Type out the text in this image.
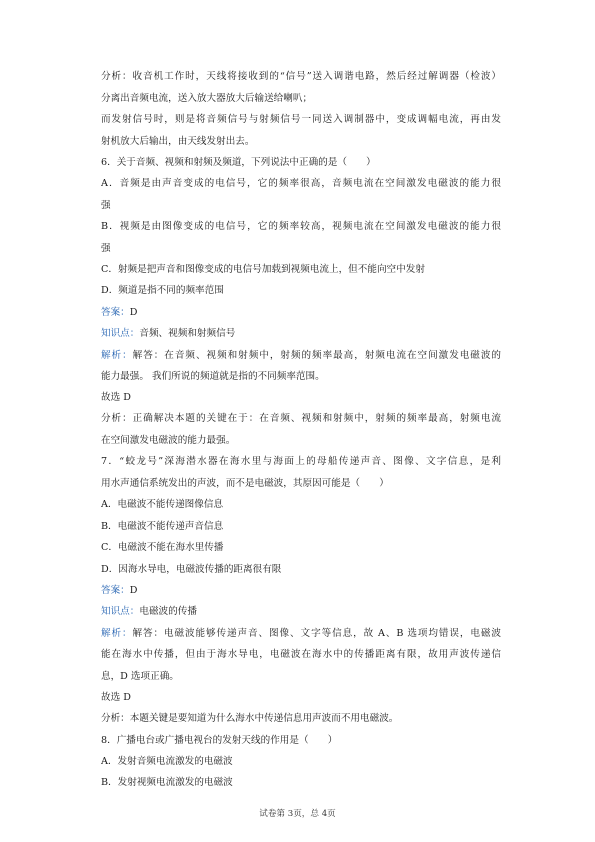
分析：收音机工作时，天线将接收到的“信号”送入调谐电路，然后经过解调器（检波）
分离出音频电流，送入放大器放大后输送给喇叭；
而发射信号时，则是将音频信号与射频信号一同送入调制器中，变成调幅电流，再由发
射机放大后输出，由天线发射出去。
6．关于音频、视频和射频及频道，下列说法中正确的是（　　）
A．音频是由声音变成的电信号，它的频率很高，音频电流在空间激发电磁波的能力很
强
B．视频是由图像变成的电信号，它的频率较高，视频电流在空间激发电磁波的能力很
强
C．射频是把声音和图像变成的电信号加载到视频电流上，但不能向空中发射
D．频道是指不同的频率范围
答案：D
知识点：音频、视频和射频信号
解析：解答：在音频、视频和射频中，射频的频率最高，射频电流在空间激发电磁波的
能力最强。 我们所说的频道就是指的不同频率范围。
故选 D
分析：正确解决本题的关键在于：在音频、视频和射频中，射频的频率最高，射频电流
在空间激发电磁波的能力最强。
7．“蛟龙号”深海潜水器在海水里与海面上的母船传递声音、图像、文字信息，是利
用水声通信系统发出的声波，而不是电磁波，其原因可能是（　　）
A．电磁波不能传递图像信息
B．电磁波不能传递声音信息
C．电磁波不能在海水里传播
D．因海水导电，电磁波传播的距离很有限
答案：D
知识点：电磁波的传播
解析：解答：电磁波能够传递声音、图像、文字等信息，故 A、B 选项均错误，电磁波
能在海水中传播，但由于海水导电，电磁波在海水中的传播距离有限，故用声波传递信
息，D 选项正确。
故选 D
分析：本题关键是要知道为什么海水中传递信息用声波而不用电磁波。
8．广播电台或广播电视台的发射天线的作用是（　　）
A．发射音频电流激发的电磁波
B．发射视频电流激发的电磁波
试卷第 3页，总 4页
